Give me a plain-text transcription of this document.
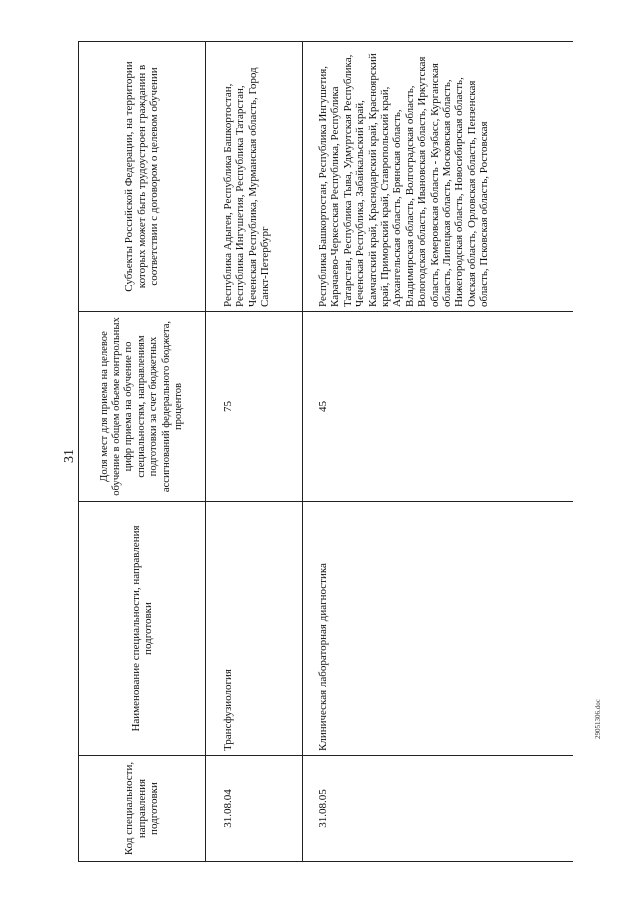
31
Код специальности, направления подготовки	Наименование специальности, направления подготовки	Доля мест для приема на целевое обучение в общем объеме контрольных цифр приема на обучение по специальностям, направлениям подготовки за счет бюджетных ассигнований федерального бюджета, процентов	Субъекты Российской Федерации, на территории которых может быть трудоустроен гражданин в соответствии с договором о целевом обучении
31.08.04	Трансфузиология	75	Республика Адыгея, Республика Башкортостан, Республика Ингушетия, Республика Татарстан, Чеченская Республика, Мурманская область, Город Санкт-Петербург
31.08.05	Клиническая лабораторная диагностика	45	Республика Башкортостан, Республика Ингушетия, Карачаево-Черкесская Республика, Республика Татарстан, Республика Тыва, Удмуртская Республика, Чеченская Республика, Забайкальский край, Камчатский край, Краснодарский край, Красноярский край, Приморский край, Ставропольский край, Архангельская область, Брянская область, Владимирская область, Волгоградская область, Вологодская область, Ивановская область, Иркутская область, Кемеровская область - Кузбасс, Курганская область, Липецкая область, Московская область, Нижегородская область, Новосибирская область, Омская область, Орловская область, Пензенская область, Псковская область, Ростовская
29051306.doc
